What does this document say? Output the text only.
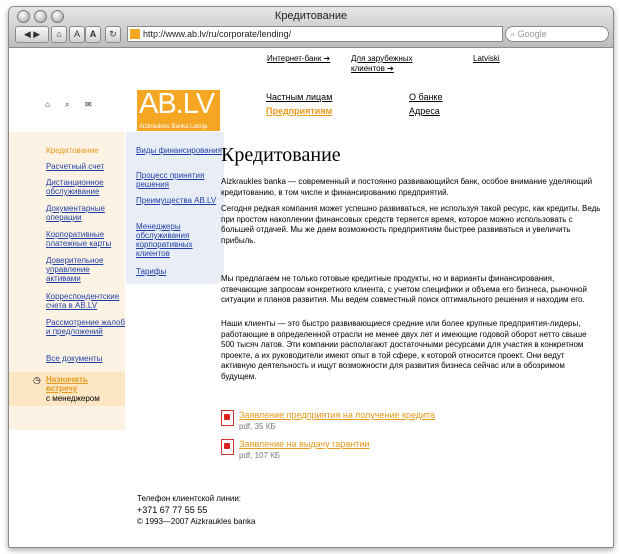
Кредитование
◀ ▶	⌂	A	A	↻	http://www.ab.lv/ru/corporate/lending/	⌕ Google
Интернет-банк ➔	Для зарубежных
клиентов ➔
Latviski
⌂ ⌕ ✉ AB.LV
Aizkraukles Banka Latvija
Частным лицам
Предприятиям
О банке
Адреса
Кредитование
Расчетный счет
Дистанционное обслуживание
Документарные операции
Корпоративные платежные карты
Доверительное управление активами
Корреспондентские счета в AB.LV
Рассмотрение жалоб и предложений
Все документы
◷ Назначить встречу
с менеджером
Виды финансирования
Процесс принятия решения
Преимущества AB.LV
Менеджеры обслуживания корпоративных клиентов
Тарифы
Кредитование

Aizkraukles banka — современный и постоянно развивающийся банк, особое внимание уделяющий кредитованию, в том числе и финансированию предприятий.

Сегодня редкая компания может успешно развиваться, не используя такой ресурс, как кредиты. Ведь при простом накоплении финансовых средств теряется время, которое можно использовать с большей отдачей. Мы же даем возможность предприятиям быстрее развиваться и увеличить прибыль.

Мы предлагаем не только готовые кредитные продукты, но и варианты финансирования, отвечающие запросам конкретного клиента, с учетом специфики и объема его бизнеса, рыночной ситуации и планов развития. Мы ведем совместный поиск оптимального решения и находим его.

Наши клиенты — это быстро развивающиеся средние или более крупные предприятия-лидеры, работающие в определенной отрасли не менее двух лет и имеющие годовой оборот нетто свыше 500 тысяч латов. Эти компании располагают достаточными ресурсами для участия в конкретном проекте, а их руководители имеют опыт в той сфере, к которой относится проект. Они ведут активную деятельность и ищут возможности для развития бизнеса сейчас или в обозримом будущем.

Заявление предприятия на получение кредита
pdf, 35 КБ
Заявление на выдачу гарантии
pdf, 107 КБ
Телефон клиентской линии:
+371 67 77 55 55
© 1993—2007 Aizkraukles banka
